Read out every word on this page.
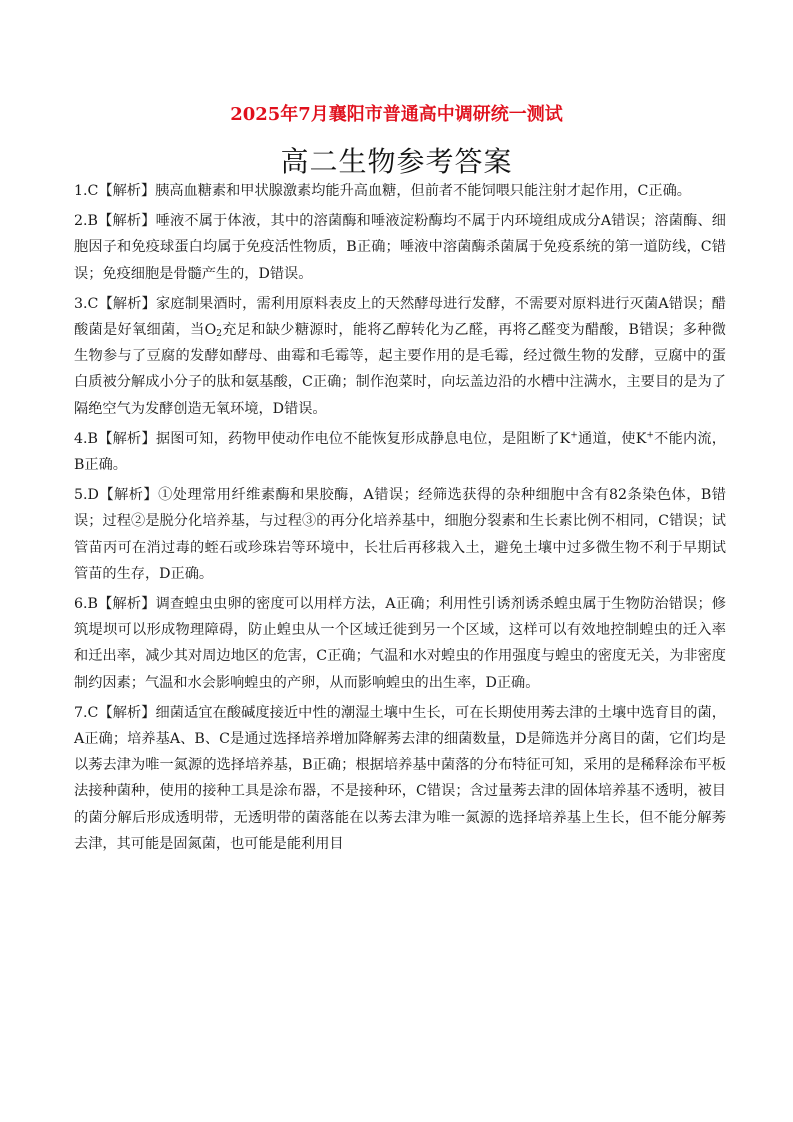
2025年7月襄阳市普通高中调研统一测试
高二生物参考答案

1.C【解析】胰高血糖素和甲状腺激素均能升高血糖，但前者不能饲喂只能注射才起作用，C正确。

2.B【解析】唾液不属于体液，其中的溶菌酶和唾液淀粉酶均不属于内环境组成成分A错误；溶菌酶、细胞因子和免疫球蛋白均属于免疫活性物质，B正确；唾液中溶菌酶杀菌属于免疫系统的第一道防线，C错误；免疫细胞是骨髓产生的，D错误。

3.C【解析】家庭制果酒时，需利用原料表皮上的天然酵母进行发酵，不需要对原料进行灭菌A错误；醋酸菌是好氧细菌，当$O_2$充足和缺少糖源时，能将乙醇转化为乙醛，再将乙醛变为醋酸，B错误；多种微生物参与了豆腐的发酵如酵母、曲霉和毛霉等，起主要作用的是毛霉，经过微生物的发酵，豆腐中的蛋白质被分解成小分子的肽和氨基酸，C正确；制作泡菜时，向坛盖边沿的水槽中注满水，主要目的是为了隔绝空气为发酵创造无氧环境，D错误。

4.B【解析】据图可知，药物甲使动作电位不能恢复形成静息电位，是阻断了K+通道，使K+不能内流，B正确。

5.D【解析】①处理常用纤维素酶和果胶酶，A错误；经筛选获得的杂种细胞中含有82条染色体，B错误；过程②是脱分化培养基，与过程③的再分化培养基中，细胞分裂素和生长素比例不相同，C错误；试管苗丙可在消过毒的蛭石或珍珠岩等环境中，长壮后再移栽入土，避免土壤中过多微生物不利于早期试管苗的生存，D正确。

6.B【解析】调查蝗虫虫卵的密度可以用样方法，A正确；利用性引诱剂诱杀蝗虫属于生物防治错误；修筑堤坝可以形成物理障碍，防止蝗虫从一个区域迁徙到另一个区域，这样可以有效地控制蝗虫的迁入率和迁出率，减少其对周边地区的危害，C正确；气温和水对蝗虫的作用强度与蝗虫的密度无关，为非密度制约因素；气温和水会影响蝗虫的产卵，从而影响蝗虫的出生率，D正确。

7.C【解析】细菌适宜在酸碱度接近中性的潮湿土壤中生长，可在长期使用莠去津的土壤中选育目的菌，A正确；培养基A、B、C是通过选择培养增加降解莠去津的细菌数量，D是筛选并分离目的菌，它们均是以莠去津为唯一氮源的选择培养基，B正确；根据培养基中菌落的分布特征可知，采用的是稀释涂布平板法接种菌种，使用的接种工具是涂布器，不是接种环，C错误；含过量莠去津的固体培养基不透明，被目的菌分解后形成透明带，无透明带的菌落能在以莠去津为唯一氮源的选择培养基上生长，但不能分解莠去津，其可能是固氮菌，也可能是能利用目
